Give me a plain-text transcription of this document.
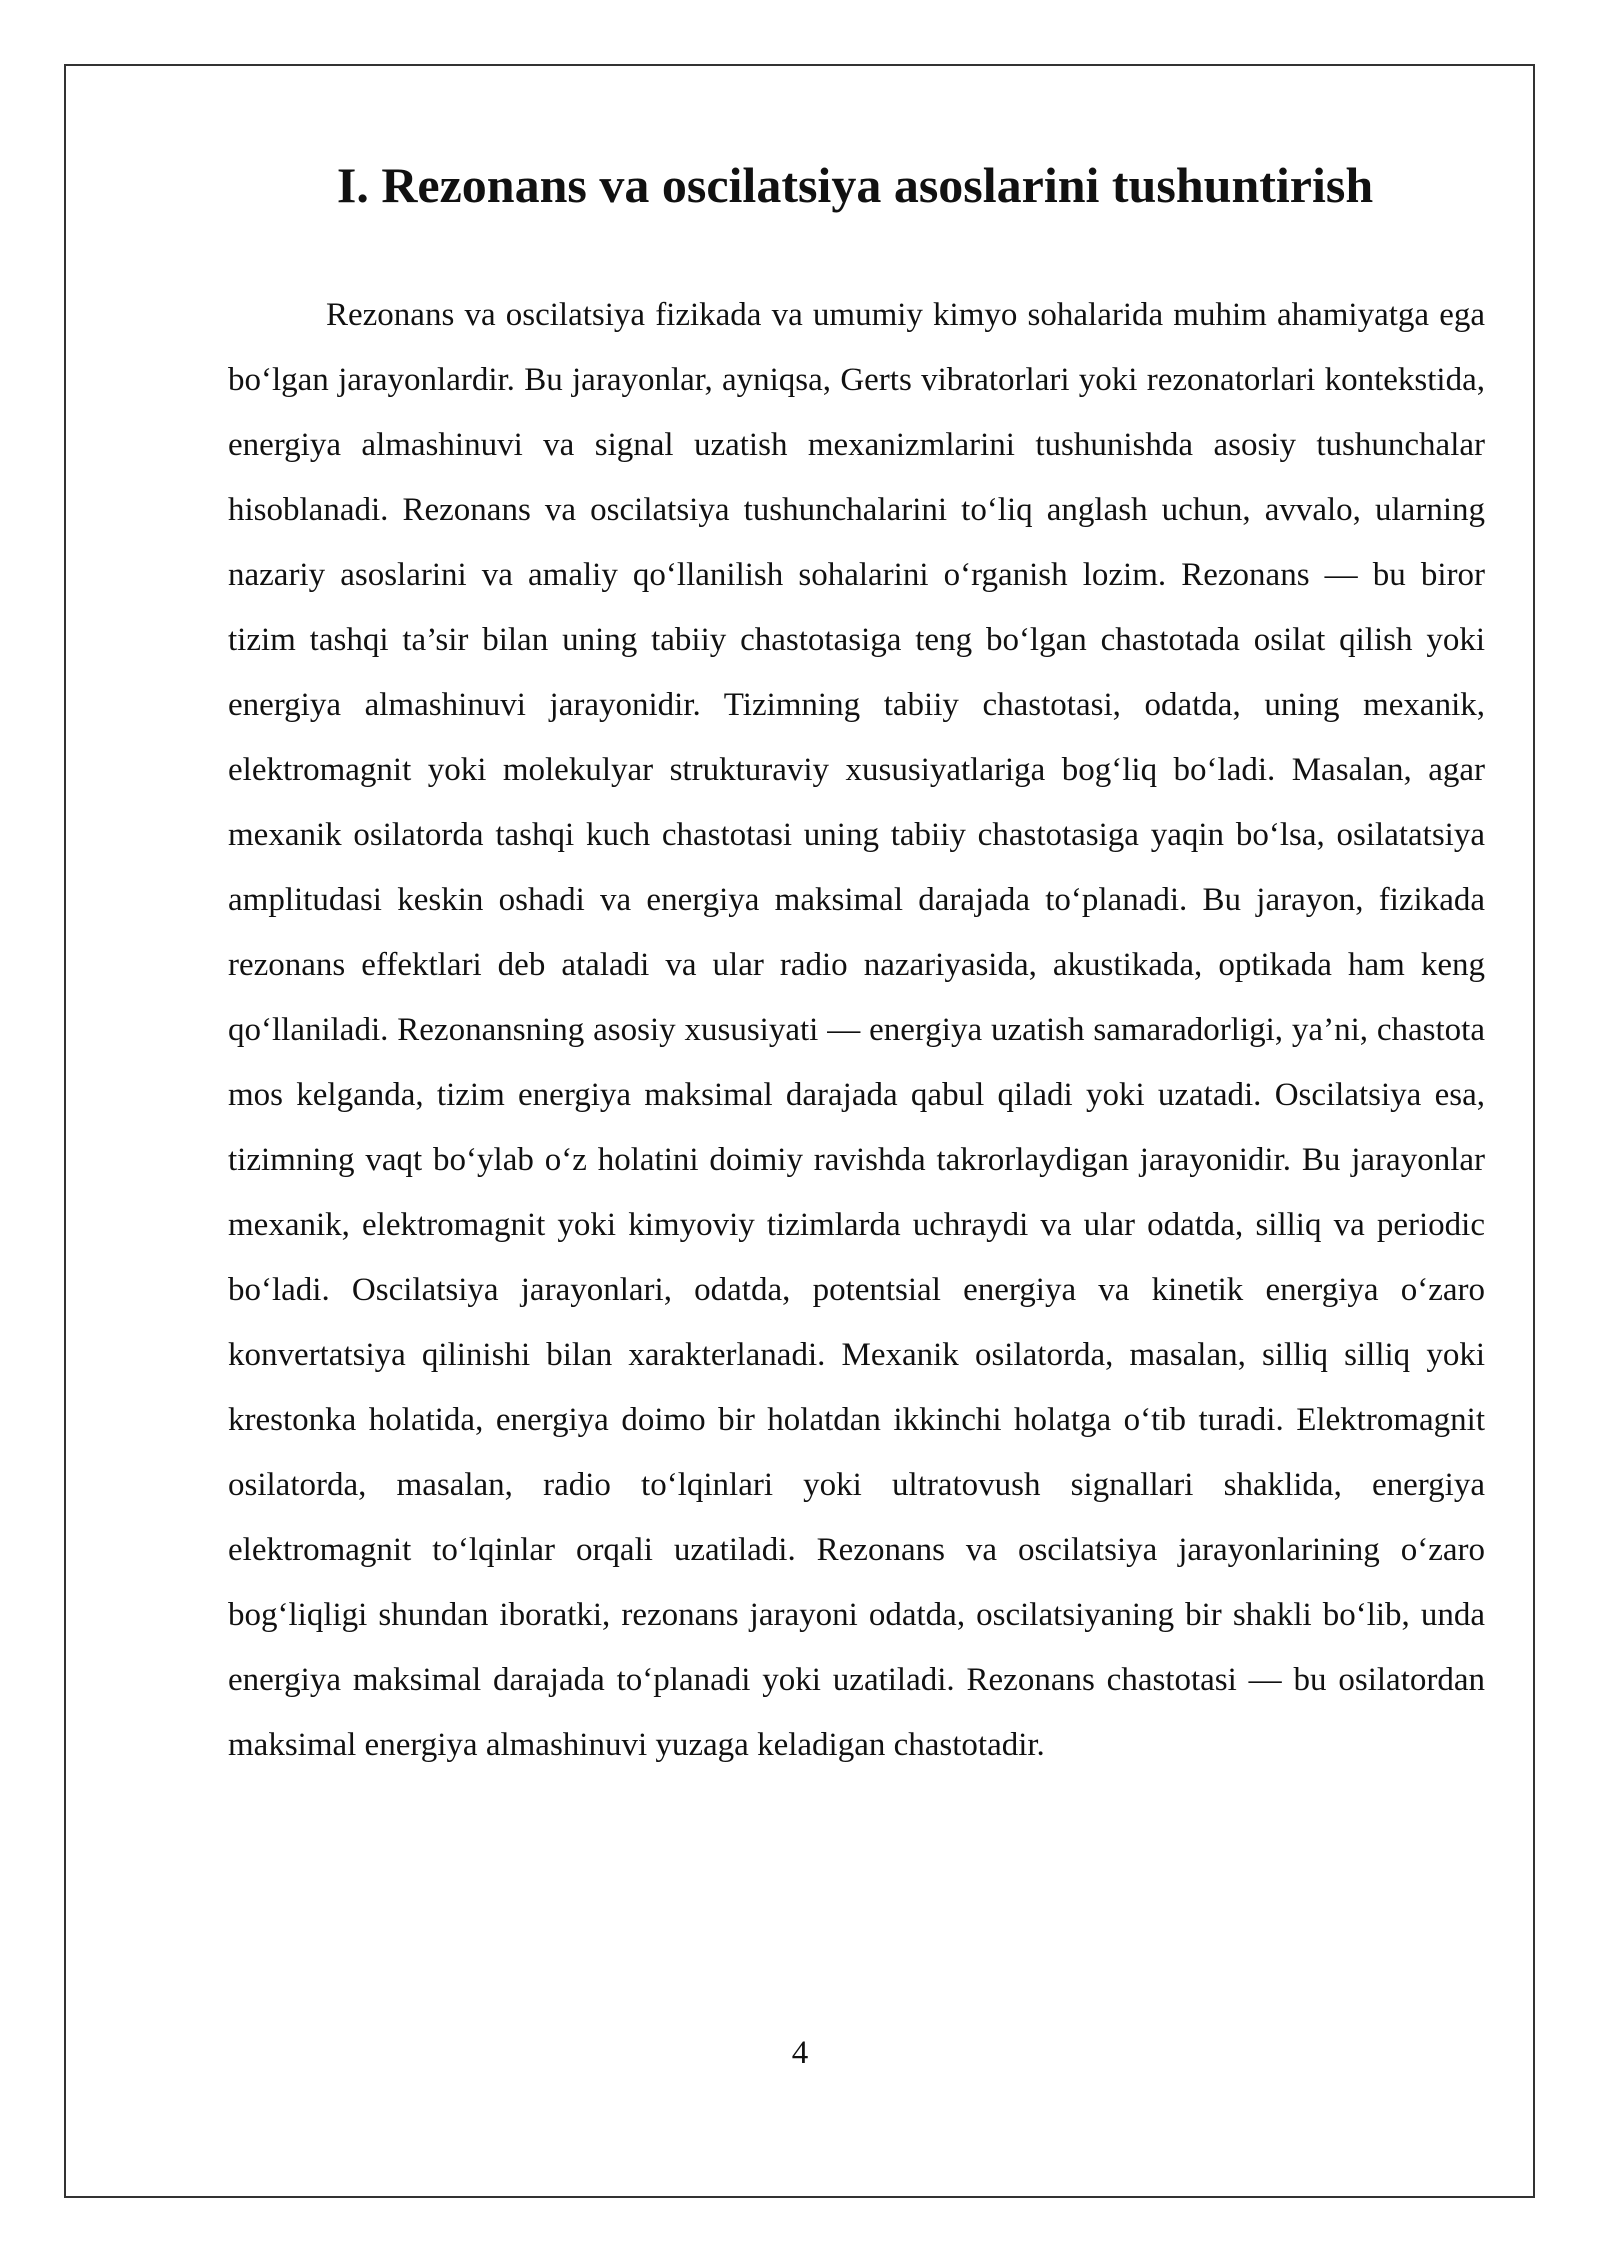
I. Rezonans va oscilatsiya asoslarini tushuntirish

Rezonans va oscilatsiya fizikada va umumiy kimyo sohalarida muhim ahamiyatga ega bo‘lgan jarayonlardir. Bu jarayonlar, ayniqsa, Gerts vibratorlari yoki rezonatorlari kontekstida, energiya almashinuvi va signal uzatish mexanizmlarini tushunishda asosiy tushunchalar hisoblanadi. Rezonans va oscilatsiya tushunchalarini to‘liq anglash uchun, avvalo, ularning nazariy asoslarini va amaliy qo‘llanilish sohalarini o‘rganish lozim. Rezonans — bu biror tizim tashqi ta’sir bilan uning tabiiy chastotasiga teng bo‘lgan chastotada osilat qilish yoki energiya almashinuvi jarayonidir. Tizimning tabiiy chastotasi, odatda, uning mexanik, elektromagnit yoki molekulyar strukturaviy xususiyatlariga bog‘liq bo‘ladi. Masalan, agar mexanik osilatorda tashqi kuch chastotasi uning tabiiy chastotasiga yaqin bo‘lsa, osilatatsiya amplitudasi keskin oshadi va energiya maksimal darajada to‘planadi. Bu jarayon, fizikada rezonans effektlari deb ataladi va ular radio nazariyasida, akustikada, optikada ham keng qo‘llaniladi. Rezonansning asosiy xususiyati — energiya uzatish samaradorligi, ya’ni, chastota mos kelganda, tizim energiya maksimal darajada qabul qiladi yoki uzatadi. Oscilatsiya esa, tizimning vaqt bo‘ylab o‘z holatini doimiy ravishda takrorlaydigan jarayonidir. Bu jarayonlar mexanik, elektromagnit yoki kimyoviy tizimlarda uchraydi va ular odatda, silliq va periodic bo‘ladi. Oscilatsiya jarayonlari, odatda, potentsial energiya va kinetik energiya o‘zaro konvertatsiya qilinishi bilan xarakterlanadi. Mexanik osilatorda, masalan, silliq silliq yoki krestonka holatida, energiya doimo bir holatdan ikkinchi holatga o‘tib turadi. Elektromagnit osilatorda, masalan, radio to‘lqinlari yoki ultratovush signallari shaklida, energiya elektromagnit to‘lqinlar orqali uzatiladi. Rezonans va oscilatsiya jarayonlarining o‘zaro bog‘liqligi shundan iboratki, rezonans jarayoni odatda, oscilatsiyaning bir shakli bo‘lib, unda energiya maksimal darajada to‘planadi yoki uzatiladi. Rezonans chastotasi — bu osilatordan maksimal energiya almashinuvi yuzaga keladigan chastotadir.

4
